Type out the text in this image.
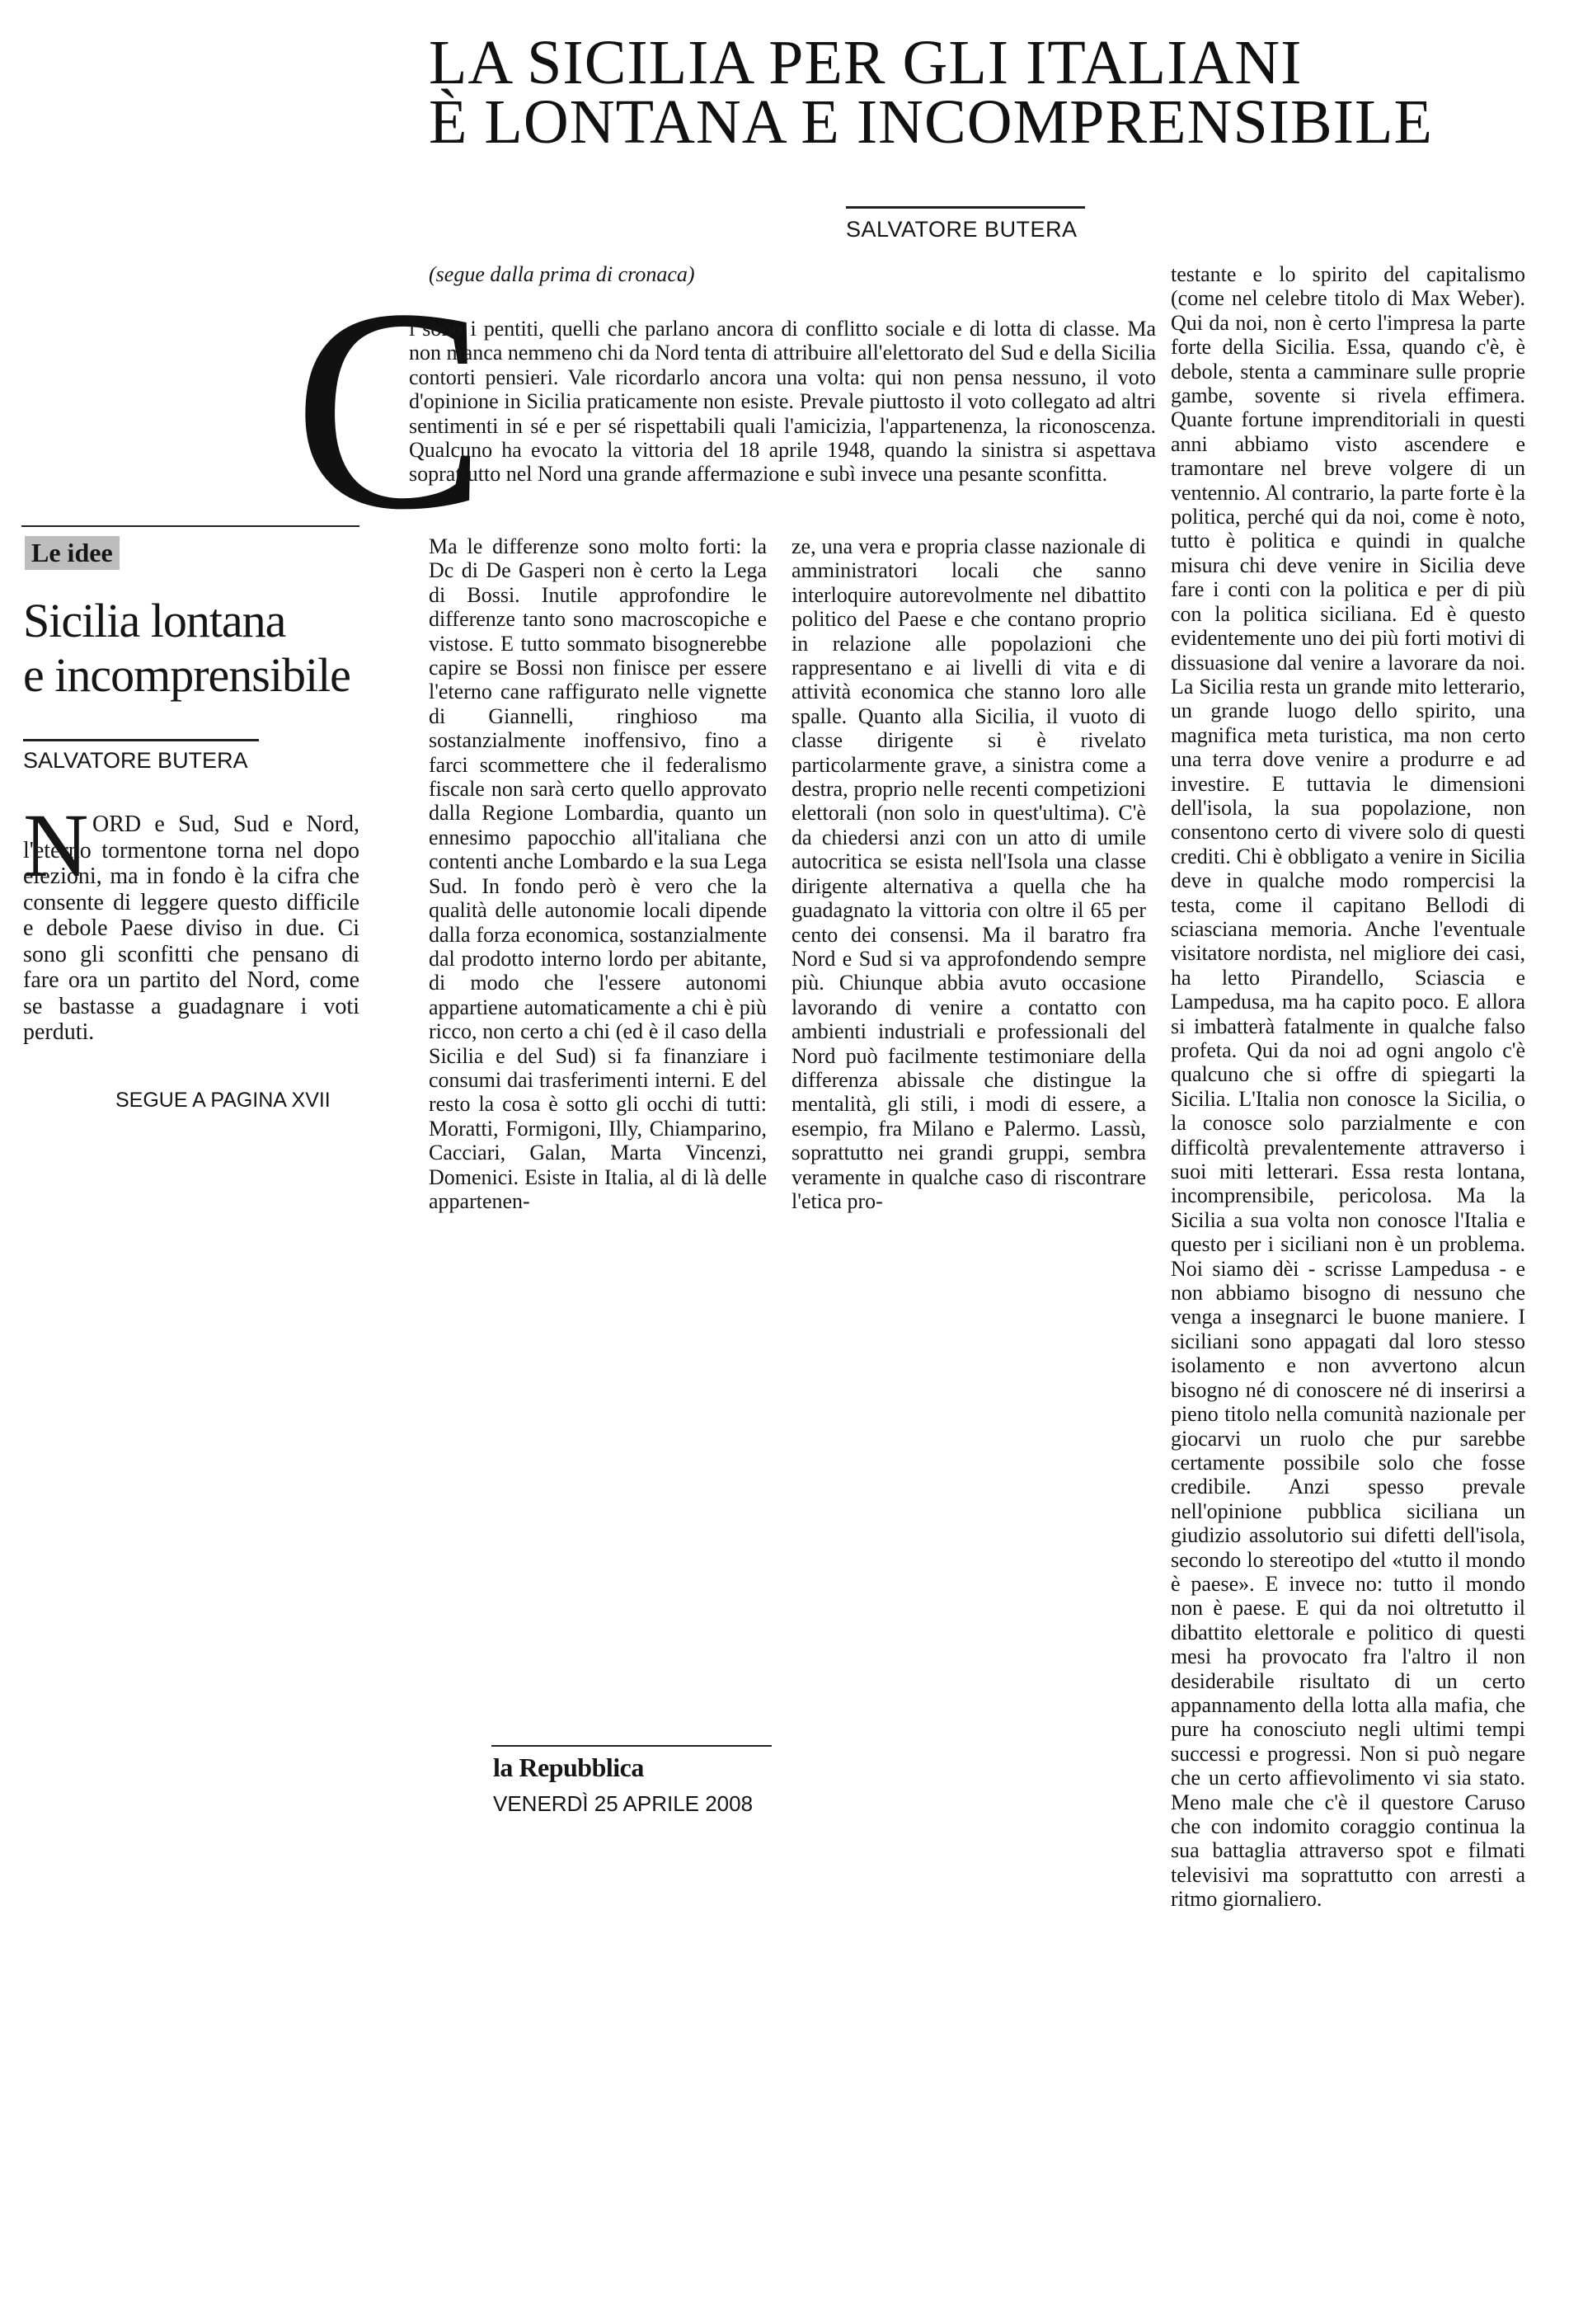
LA SICILIA PER GLI ITALIANI
È LONTANA E INCOMPRENSIBILE
SALVATORE BUTERA
(segue dalla prima di cronaca)
C

i sono i pentiti, quelli che parlano ancora di conflitto sociale e di lotta di classe. Ma non manca nemmeno chi da Nord tenta di attribuire all'elettorato del Sud e della Sicilia contorti pensieri. Vale ricordarlo ancora una volta: qui non pensa nessuno, il voto d'opinione in Sicilia praticamente non esiste. Prevale piuttosto il voto collegato ad altri sentimenti in sé e per sé rispettabili quali l'amicizia, l'appartenenza, la riconoscenza. Qualcuno ha evocato la vittoria del 18 aprile 1948, quando la sinistra si aspettava soprattutto nel Nord una grande affermazione e subì invece una pesante sconfitta.

Ma le differenze sono molto forti: la Dc di De Gasperi non è certo la Lega di Bossi. Inutile approfondire le differenze tanto sono macroscopiche e vistose. E tutto sommato bisognerebbe capire se Bossi non finisce per essere l'eterno cane raffigurato nelle vignette di Giannelli, ringhioso ma sostanzialmente inoffensivo, fino a farci scommettere che il federalismo fiscale non sarà certo quello approvato dalla Regione Lombardia, quanto un ennesimo papocchio all'italiana che contenti anche Lombardo e la sua Lega Sud. In fondo però è vero che la qualità delle autonomie locali dipende dalla forza economica, sostanzialmente dal prodotto interno lordo per abitante, di modo che l'essere autonomi appartiene automaticamente a chi è più ricco, non certo a chi (ed è il caso della Sicilia e del Sud) si fa finanziare i consumi dai trasferimenti interni. E del resto la cosa è sotto gli occhi di tutti: Moratti, Formigoni, Illy, Chiamparino, Cacciari, Galan, Marta Vincenzi, Domenici. Esiste in Italia, al di là delle appartenen-

ze, una vera e propria classe nazionale di amministratori locali che sanno interloquire autorevolmente nel dibattito politico del Paese e che contano proprio in relazione alle popolazioni che rappresentano e ai livelli di vita e di attività economica che stanno loro alle spalle. Quanto alla Sicilia, il vuoto di classe dirigente si è rivelato particolarmente grave, a sinistra come a destra, proprio nelle recenti competizioni elettorali (non solo in quest'ultima). C'è da chiedersi anzi con un atto di umile autocritica se esista nell'Isola una classe dirigente alternativa a quella che ha guadagnato la vittoria con oltre il 65 per cento dei consensi. Ma il baratro fra Nord e Sud si va approfondendo sempre più. Chiunque abbia avuto occasione lavorando di venire a contatto con ambienti industriali e professionali del Nord può facilmente testimoniare della differenza abissale che distingue la mentalità, gli stili, i modi di essere, a esempio, fra Milano e Palermo. Lassù, soprattutto nei grandi gruppi, sembra veramente in qualche caso di riscontrare l'etica pro-

testante e lo spirito del capitalismo (come nel celebre titolo di Max Weber). Qui da noi, non è certo l'impresa la parte forte della Sicilia. Essa, quando c'è, è debole, stenta a camminare sulle proprie gambe, sovente si rivela effimera. Quante fortune imprenditoriali in questi anni abbiamo visto ascendere e tramontare nel breve volgere di un ventennio. Al contrario, la parte forte è la politica, perché qui da noi, come è noto, tutto è politica e quindi in qualche misura chi deve venire in Sicilia deve fare i conti con la politica e per di più con la politica siciliana. Ed è questo evidentemente uno dei più forti motivi di dissuasione dal venire a lavorare da noi. La Sicilia resta un grande mito letterario, un grande luogo dello spirito, una magnifica meta turistica, ma non certo una terra dove venire a produrre e ad investire. E tuttavia le dimensioni dell'isola, la sua popolazione, non consentono certo di vivere solo di questi crediti. Chi è obbligato a venire in Sicilia deve in qualche modo rompercisi la testa, come il capitano Bellodi di sciasciana memoria. Anche l'eventuale visitatore nordista, nel migliore dei casi, ha letto Pirandello, Sciascia e Lampedusa, ma ha capito poco. E allora si imbatterà fatalmente in qualche falso profeta. Qui da noi ad ogni angolo c'è qualcuno che si offre di spiegarti la Sicilia. L'Italia non conosce la Sicilia, o la conosce solo parzialmente e con difficoltà prevalentemente attraverso i suoi miti letterari. Essa resta lontana, incomprensibile, pericolosa. Ma la Sicilia a sua volta non conosce l'Italia e questo per i siciliani non è un problema. Noi siamo dèi - scrisse Lampedusa - e non abbiamo bisogno di nessuno che venga a insegnarci le buone maniere. I siciliani sono appagati dal loro stesso isolamento e non avvertono alcun bisogno né di conoscere né di inserirsi a pieno titolo nella comunità nazionale per giocarvi un ruolo che pur sarebbe certamente possibile solo che fosse credibile. Anzi spesso prevale nell'opinione pubblica siciliana un giudizio assolutorio sui difetti dell'isola, secondo lo stereotipo del «tutto il mondo è paese». E invece no: tutto il mondo non è paese. E qui da noi oltretutto il dibattito elettorale e politico di questi mesi ha provocato fra l'altro il non desiderabile risultato di un certo appannamento della lotta alla mafia, che pure ha conosciuto negli ultimi tempi successi e progressi. Non si può negare che un certo affievolimento vi sia stato. Meno male che c'è il questore Caruso che con indomito coraggio continua la sua battaglia attraverso spot e filmati televisivi ma soprattutto con arresti a ritmo giornaliero.

Le idee
Sicilia lontana
e incomprensibile
SALVATORE BUTERA
N ORD e Sud, Sud e Nord, l'eterno tormentone torna nel dopo elezioni, ma in fondo è la cifra che consente di leggere questo difficile e debole Paese diviso in due. Ci sono gli sconfitti che pensano di fare ora un partito del Nord, come se bastasse a guadagnare i voti perduti.
SEGUE A PAGINA XVII
la Repubblica
VENERDÌ 25 APRILE 2008
